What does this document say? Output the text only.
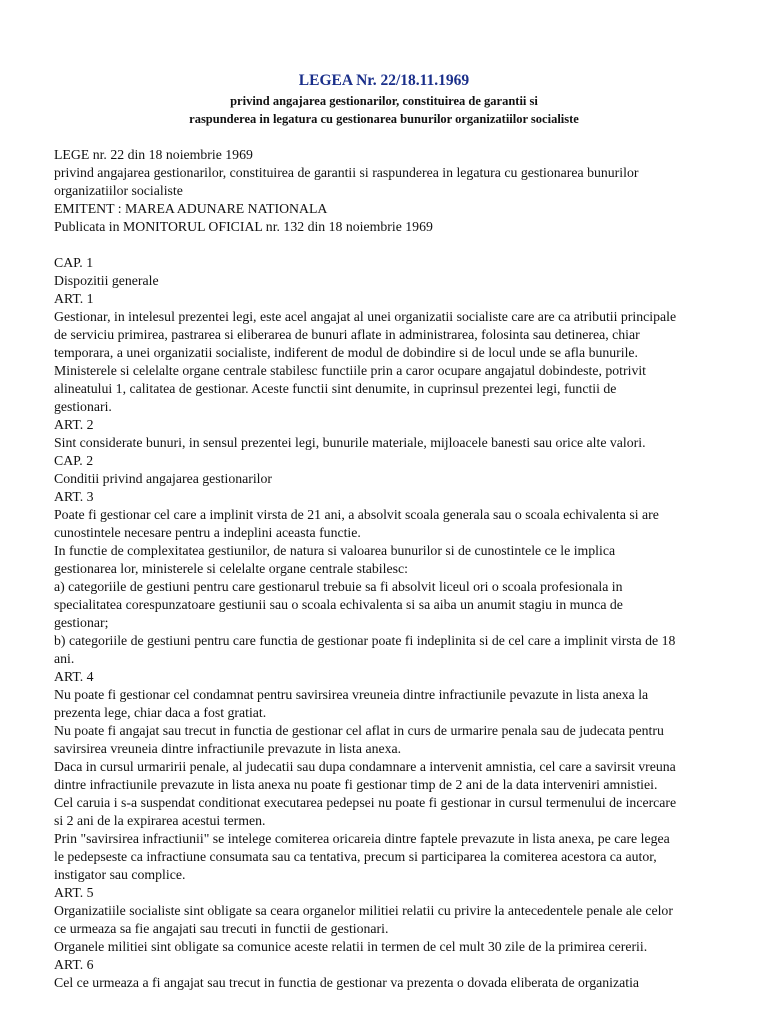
LEGEA Nr. 22/18.11.1969
privind angajarea gestionarilor, constituirea de garantii si
raspunderea in legatura cu gestionarea bunurilor organizatiilor socialiste

LEGE nr. 22 din 18 noiembrie 1969

privind angajarea gestionarilor, constituirea de garantii si raspunderea in legatura cu gestionarea bunurilor

organizatiilor socialiste

EMITENT : MAREA ADUNARE NATIONALA

Publicata in MONITORUL OFICIAL nr. 132 din 18 noiembrie 1969

CAP. 1

Dispozitii generale

ART. 1

Gestionar, in intelesul prezentei legi, este acel angajat al unei organizatii socialiste care are ca atributii principale

de serviciu primirea, pastrarea si eliberarea de bunuri aflate in administrarea, folosinta sau detinerea, chiar

temporara, a unei organizatii socialiste, indiferent de modul de dobindire si de locul unde se afla bunurile.

Ministerele si celelalte organe centrale stabilesc functiile prin a caror ocupare angajatul dobindeste, potrivit

alineatului 1, calitatea de gestionar. Aceste functii sint denumite, in cuprinsul prezentei legi, functii de

gestionari.

ART. 2

Sint considerate bunuri, in sensul prezentei legi, bunurile materiale, mijloacele banesti sau orice alte valori.

CAP. 2

Conditii privind angajarea gestionarilor

ART. 3

Poate fi gestionar cel care a implinit virsta de 21 ani, a absolvit scoala generala sau o scoala echivalenta si are

cunostintele necesare pentru a indeplini aceasta functie.

In functie de complexitatea gestiunilor, de natura si valoarea bunurilor si de cunostintele ce le implica

gestionarea lor, ministerele si celelalte organe centrale stabilesc:

a) categoriile de gestiuni pentru care gestionarul trebuie sa fi absolvit liceul ori o scoala profesionala in

specialitatea corespunzatoare gestiunii sau o scoala echivalenta si sa aiba un anumit stagiu in munca de

gestionar;

b) categoriile de gestiuni pentru care functia de gestionar poate fi indeplinita si de cel care a implinit virsta de 18

ani.

ART. 4

Nu poate fi gestionar cel condamnat pentru savirsirea vreuneia dintre infractiunile pevazute in lista anexa la

prezenta lege, chiar daca a fost gratiat.

Nu poate fi angajat sau trecut in functia de gestionar cel aflat in curs de urmarire penala sau de judecata pentru

savirsirea vreuneia dintre infractiunile prevazute in lista anexa.

Daca in cursul urmaririi penale, al judecatii sau dupa condamnare a intervenit amnistia, cel care a savirsit vreuna

dintre infractiunile prevazute in lista anexa nu poate fi gestionar timp de 2 ani de la data interveniri amnistiei.

Cel caruia i s-a suspendat conditionat executarea pedepsei nu poate fi gestionar in cursul termenului de incercare

si 2 ani de la expirarea acestui termen.

Prin "savirsirea infractiunii" se intelege comiterea oricareia dintre faptele prevazute in lista anexa, pe care legea

le pedepseste ca infractiune consumata sau ca tentativa, precum si participarea la comiterea acestora ca autor,

instigator sau complice.

ART. 5

Organizatiile socialiste sint obligate sa ceara organelor militiei relatii cu privire la antecedentele penale ale celor

ce urmeaza sa fie angajati sau trecuti in functii de gestionari.

Organele militiei sint obligate sa comunice aceste relatii in termen de cel mult 30 zile de la primirea cererii.

ART. 6

Cel ce urmeaza a fi angajat sau trecut in functia de gestionar va prezenta o dovada eliberata de organizatia
